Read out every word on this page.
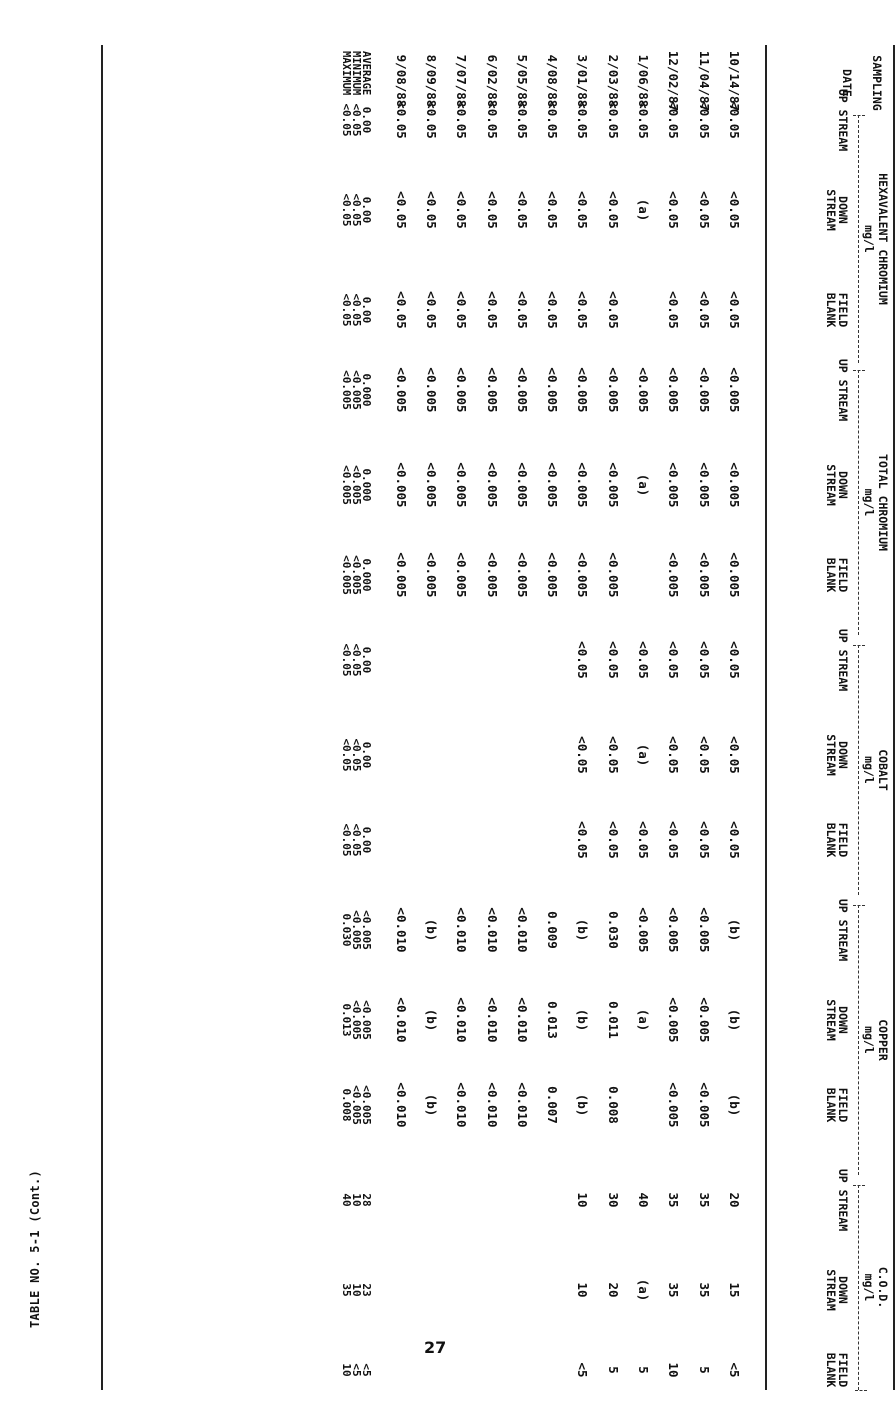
TABLE NO. 5-1 (Cont.)
27
SAMPLING
DATE
HEXAVALENT CHROMIUM
mg/l
UP STREAM
DOWN STREAM
FIELD BLANK
TOTAL CHROMIUM
mg/l
UP STREAM
DOWN STREAM
FIELD BLANK
COBALT
mg/l
UP STREAM
DOWN STREAM
FIELD BLANK
COPPER
mg/l
UP STREAM
DOWN STREAM
FIELD BLANK
C.O.D.
mg/l
UP STREAM
DOWN STREAM
FIELD BLANK
10/14/87
11/04/87
12/02/87
1/06/88
2/03/88
3/01/88
4/08/88
5/05/88
6/02/88
7/07/88
8/09/88
9/08/88
<0.05
<0.05
<0.05
<0.005
<0.005
<0.005
<0.05
<0.05
<0.05
(b)
(b)
(b)
20
15
<5
<0.05
<0.05
<0.05
<0.005
<0.005
<0.005
<0.05
<0.05
<0.05
<0.005
<0.005
<0.005
35
35
5
<0.05
<0.05
<0.05
<0.005
<0.005
<0.005
<0.05
<0.05
<0.05
<0.005
<0.005
<0.005
35
35
10
<0.05
(a)
<0.005
(a)
<0.05
(a)
<0.05
<0.005
(a)
40
(a)
5
<0.05
<0.05
<0.05
<0.005
<0.005
<0.005
<0.05
<0.05
<0.05
0.030
0.011
0.008
30
20
5
<0.05
<0.05
<0.05
<0.005
<0.005
<0.005
<0.05
<0.05
<0.05
(b)
(b)
(b)
10
10
<5
<0.05
<0.05
<0.05
<0.005
<0.005
<0.005
0.009
0.013
0.007
<0.05
<0.05
<0.05
<0.005
<0.005
<0.005
<0.010
<0.010
<0.010
<0.05
<0.05
<0.05
<0.005
<0.005
<0.005
<0.010
<0.010
<0.010
<0.05
<0.05
<0.05
<0.005
<0.005
<0.005
<0.010
<0.010
<0.010
<0.05
<0.05
<0.05
<0.005
<0.005
<0.005
(b)
(b)
(b)
<0.05
<0.05
<0.05
<0.005
<0.005
<0.005
<0.010
<0.010
<0.010
AVERAGE
MINIMUM
MAXIMUM
0.00
<0.05
<0.05
0.00
<0.05
<0.05
0.00
<0.05
<0.05
0.000
<0.005
<0.005
0.000
<0.005
<0.005
0.000
<0.005
<0.005
0.00
<0.05
<0.05
0.00
<0.05
<0.05
0.00
<0.05
<0.05
<0.005
<0.005
0.030
<0.005
<0.005
0.013
<0.005
<0.005
0.008
28
10
40
23
10
35
<5
<5
10
